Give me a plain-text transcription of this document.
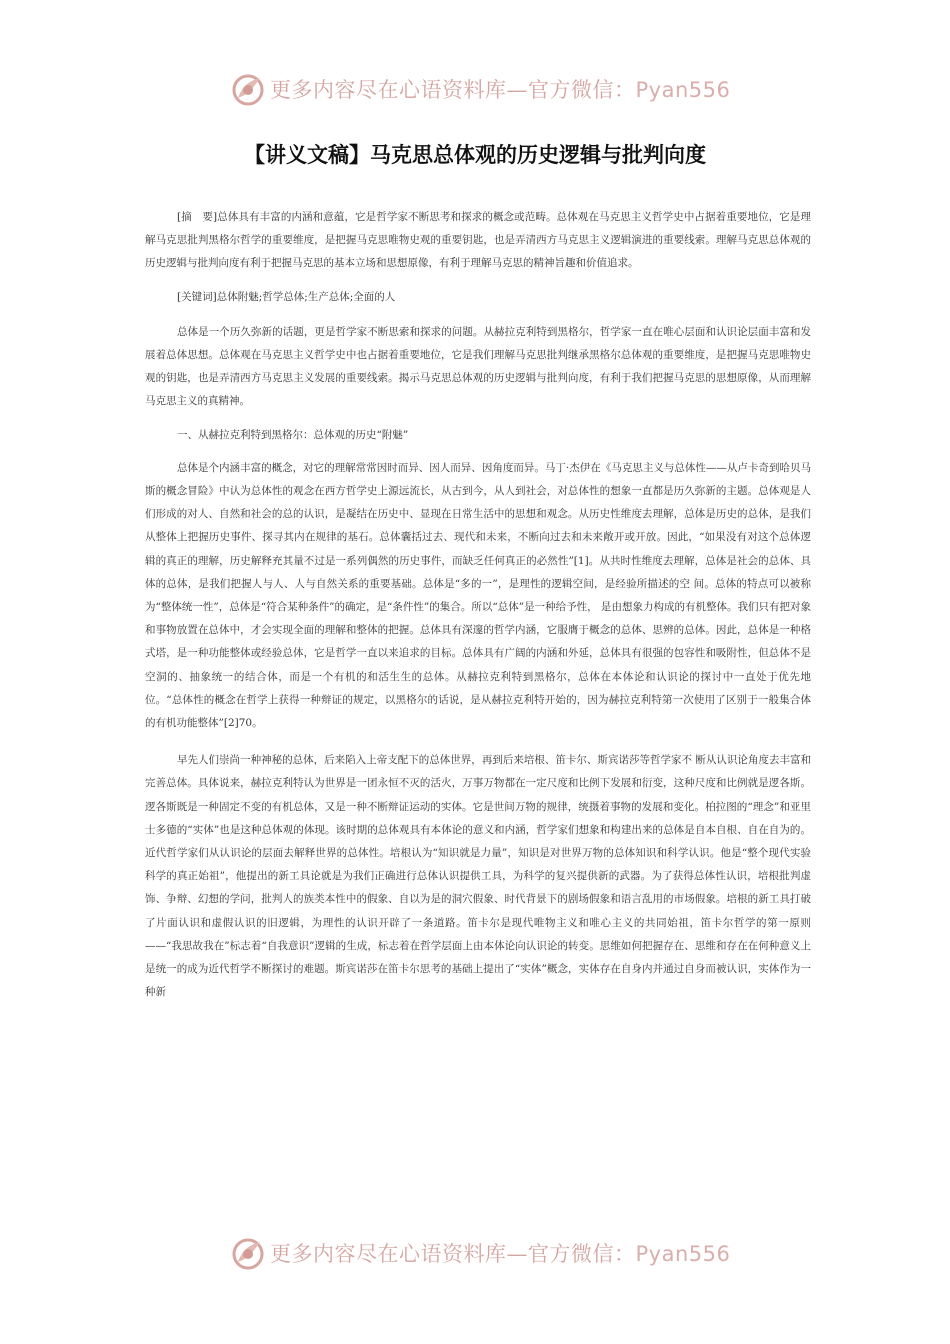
更多内容尽在心语资料库—官方微信：Pyan556
【讲义文稿】马克思总体观的历史逻辑与批判向度

[摘　要]总体具有丰富的内涵和意蕴，它是哲学家不断思考和探求的概念或范畴。总体观在马克思主义哲学史中占据着重要地位，它是理解马克思批判黑格尔哲学的重要维度，是把握马克思唯物史观的重要钥匙，也是弄清西方马克思主义逻辑演进的重要线索。理解马克思总体观的历史逻辑与批判向度有利于把握马克思的基本立场和思想原像，有利于理解马克思的精神旨趣和价值追求。

[关键词]总体附魅;哲学总体;生产总体;全面的人

总体是一个历久弥新的话题，更是哲学家不断思索和探求的问题。从赫拉克利特到黑格尔，哲学家一直在唯心层面和认识论层面丰富和发展着总体思想。总体观在马克思主义哲学史中也占据着重要地位，它是我们理解马克思批判继承黑格尔总体观的重要维度，是把握马克思唯物史观的钥匙，也是弄清西方马克思主义发展的重要线索。揭示马克思总体观的历史逻辑与批判向度，有利于我们把握马克思的思想原像，从而理解马克思主义的真精神。

一、从赫拉克利特到黑格尔：总体观的历史“附魅”

总体是个内涵丰富的概念，对它的理解常常因时而异、因人而异、因角度而异。马丁·杰伊在《马克思主义与总体性——从卢卡奇到哈贝马斯的概念冒险》中认为总体性的观念在西方哲学史上源远流长，从古到今，从人到社会，对总体性的想象一直都是历久弥新的主题。总体观是人们形成的对人、自然和社会的总的认识，是凝结在历史中、显现在日常生活中的思想和观念。从历史性维度去理解，总体是历史的总体，是我们从整体上把握历史事件、探寻其内在规律的基石。总体囊括过去、现代和未来，不断向过去和未来敞开或开放。因此，“如果没有对这个总体逻辑的真正的理解，历史解释充其量不过是一系列偶然的历史事件，而缺乏任何真正的必然性”[1]。从共时性维度去理解，总体是社会的总体、具体的总体，是我们把握人与人、人与自然关系的重要基础。总体是“多的一”，是理性的逻辑空间，是经验所描述的空 间。总体的特点可以被称为“整体统一性”，总体是“符合某种条件”的确定，是“条件性”的集合。所以“总体”是一种给予性， 是由想象力构成的有机整体。我们只有把对象和事物放置在总体中，才会实现全面的理解和整体的把握。总体具有深邃的哲学内涵，它服膺于概念的总体、思辨的总体。因此，总体是一种格式塔，是一种功能整体或经验总体，它是哲学一直以来追求的目标。总体具有广阔的内涵和外延，总体具有很强的包容性和吸附性，但总体不是空洞的、抽象统一的结合体，而是一个有机的和活生生的总体。从赫拉克利特到黑格尔，总体在本体论和认识论的探讨中一直处于优先地位。“总体性的概念在哲学上获得一种辩证的规定，以黑格尔的话说，是从赫拉克利特开始的，因为赫拉克利特第一次使用了区别于一般集合体的有机功能整体”[2]70。

早先人们崇尚一种神秘的总体，后来陷入上帝支配下的总体世界，再到后来培根、笛卡尔、斯宾诺莎等哲学家不 断从认识论角度去丰富和完善总体。具体说来，赫拉克利特认为世界是一团永恒不灭的活火，万事万物都在一定尺度和比例下发展和衍变，这种尺度和比例就是逻各斯。逻各斯既是一种固定不变的有机总体，又是一种不断辩证运动的实体。它是世间万物的规律，统摄着事物的发展和变化。柏拉图的“理念”和亚里士多德的“实体”也是这种总体观的体现。该时期的总体观具有本体论的意义和内涵，哲学家们想象和构建出来的总体是自本自根、自在自为的。近代哲学家们从认识论的层面去解释世界的总体性。培根认为“知识就是力量”，知识是对世界万物的总体知识和科学认识。他是“整个现代实验科学的真正始祖”，他提出的新工具论就是为我们正确进行总体认识提供工具，为科学的复兴提供新的武器。为了获得总体性认识，培根批判虚饰、争辩、幻想的学问，批判人的族类本性中的假象、自以为是的洞穴假象、时代背景下的剧场假象和语言乱用的市场假象。培根的新工具打破了片面认识和虚假认识的旧逻辑，为理性的认识开辟了一条道路。笛卡尔是现代唯物主义和唯心主义的共同始祖，笛卡尔哲学的第一原则——“我思故我在”标志着“自我意识”逻辑的生成，标志着在哲学层面上由本体论向认识论的转变。思维如何把握存在、思维和存在在何种意义上是统一的成为近代哲学不断探讨的难题。斯宾诺莎在笛卡尔思考的基础上提出了“实体”概念，实体存在自身内并通过自身而被认识，实体作为一种新

更多内容尽在心语资料库—官方微信：Pyan556
